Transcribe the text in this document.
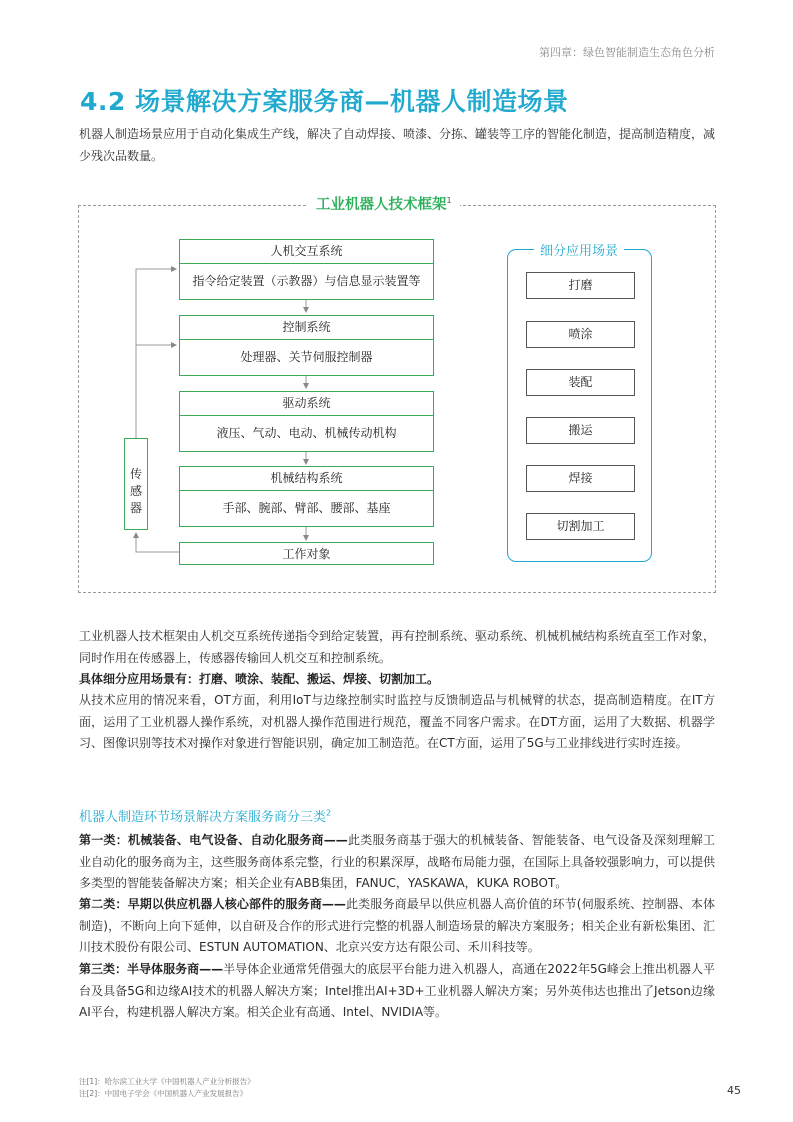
第四章：绿色智能制造生态角色分析
4.2 场景解决方案服务商—机器人制造场景

机器人制造场景应用于自动化集成生产线，解决了自动焊接、喷漆、分拣、罐装等工序的智能化制造，提高制造精度，减少残次品数量。

工业机器人技术框架$^1$
人机交互系统
指令给定装置（示教器）与信息显示装置等
控制系统
处理器、关节伺服控制器
驱动系统
液压、气动、电动、机械传动机构
机械结构系统
手部、腕部、臂部、腰部、基座
工作对象
传感器
细分应用场景
打磨
喷涂
装配
搬运
焊接
切割加工

工业机器人技术框架由人机交互系统传递指令到给定装置，再有控制系统、驱动系统、机械机械结构系统直至工作对象，同时作用在传感器上，传感器传输回人机交互和控制系统。

具体细分应用场景有：打磨、喷涂、装配、搬运、焊接、切割加工。

从技术应用的情况来看，OT方面，利用IoT与边缘控制实时监控与反馈制造品与机械臂的状态，提高制造精度。在IT方面，运用了工业机器人操作系统，对机器人操作范围进行规范，覆盖不同客户需求。在DT方面，运用了大数据、机器学习、图像识别等技术对操作对象进行智能识别，确定加工制造范。在CT方面，运用了5G与工业排线进行实时连接。

机器人制造环节场景解决方案服务商分三类$^2$

第一类：机械装备、电气设备、自动化服务商——此类服务商基于强大的机械装备、智能装备、电气设备及深刻理解工业自动化的服务商为主，这些服务商体系完整，行业的积累深厚，战略布局能力强，在国际上具备较强影响力，可以提供多类型的智能装备解决方案；相关企业有ABB集团，FANUC，YASKAWA，KUKA ROBOT。

第二类：早期以供应机器人核心部件的服务商——此类服务商最早以供应机器人高价值的环节(伺服系统、控制器、本体制造)，不断向上向下延伸，以自研及合作的形式进行完整的机器人制造场景的解决方案服务；相关企业有新松集团、汇川技术股份有限公司、ESTUN AUTOMATION、北京兴安方达有限公司、禾川科技等。

第三类：半导体服务商——半导体企业通常凭借强大的底层平台能力进入机器人，高通在2022年5G峰会上推出机器人平台及具备5G和边缘AI技术的机器人解决方案；Intel推出AI+3D+工业机器人解决方案；另外英伟达也推出了Jetson边缘AI平台，构建机器人解决方案。相关企业有高通、Intel、NVIDIA等。

注[1]：哈尔滨工业大学《中国机器人产业分析报告》
注[2]：中国电子学会《中国机器人产业发展报告》	45
